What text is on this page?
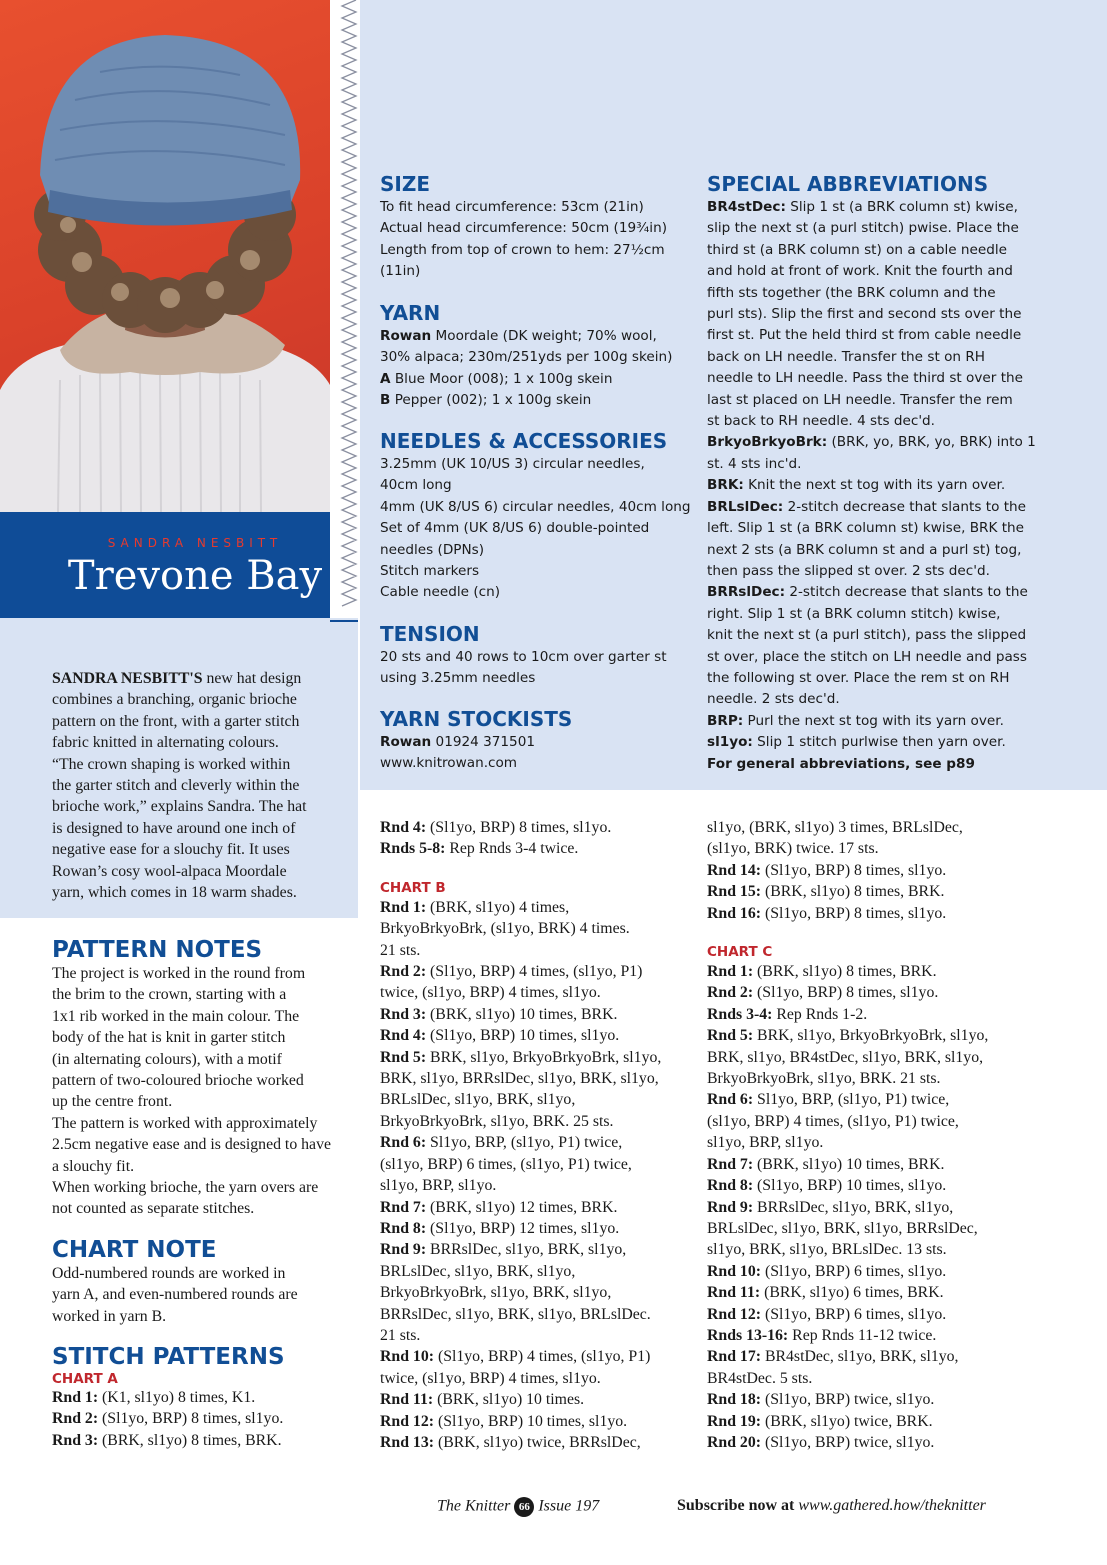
SANDRA NESBITT
Trevone Bay
SIZE
To fit head circumference: 53cm (21in)
Actual head circumference: 50cm (19¾in)
Length from top of crown to hem: 27½cm
(11in)
YARN
Rowan Moordale (DK weight; 70% wool,
30% alpaca; 230m/251yds per 100g skein)
A Blue Moor (008); 1 x 100g skein
B Pepper (002); 1 x 100g skein
NEEDLES & ACCESSORIES
3.25mm (UK 10/US 3) circular needles,
40cm long
4mm (UK 8/US 6) circular needles, 40cm long
Set of 4mm (UK 8/US 6) double-pointed
needles (DPNs)
Stitch markers
Cable needle (cn)
TENSION
20 sts and 40 rows to 10cm over garter st
using 3.25mm needles
YARN STOCKISTS
Rowan 01924 371501
www.knitrowan.com
SPECIAL ABBREVIATIONS
BR4stDec: Slip 1 st (a BRK column st) kwise,
slip the next st (a purl stitch) pwise. Place the
third st (a BRK column st) on a cable needle
and hold at front of work. Knit the fourth and
fifth sts together (the BRK column and the
purl sts). Slip the first and second sts over the
first st. Put the held third st from cable needle
back on LH needle. Transfer the st on RH
needle to LH needle. Pass the third st over the
last st placed on LH needle. Transfer the rem
st back to RH needle. 4 sts dec'd.
BrkyoBrkyoBrk: (BRK, yo, BRK, yo, BRK) into 1
st. 4 sts inc'd.
BRK: Knit the next st tog with its yarn over.
BRLslDec: 2-stitch decrease that slants to the
left. Slip 1 st (a BRK column st) kwise, BRK the
next 2 sts (a BRK column st and a purl st) tog,
then pass the slipped st over. 2 sts dec'd.
BRRslDec: 2-stitch decrease that slants to the
right. Slip 1 st (a BRK column stitch) kwise,
knit the next st (a purl stitch), pass the slipped
st over, place the stitch on LH needle and pass
the following st over. Place the rem st on RH
needle. 2 sts dec'd.
BRP: Purl the next st tog with its yarn over.
sl1yo: Slip 1 stitch purlwise then yarn over.
For general abbreviations, see p89
SANDRA NESBITT'S new hat design
combines a branching, organic brioche
pattern on the front, with a garter stitch
fabric knitted in alternating colours.
“The crown shaping is worked within
the garter stitch and cleverly within the
brioche work,” explains Sandra. The hat
is designed to have around one inch of
negative ease for a slouchy fit. It uses
Rowan’s cosy wool-alpaca Moordale
yarn, which comes in 18 warm shades.
PATTERN NOTES
The project is worked in the round from
the brim to the crown, starting with a
1x1 rib worked in the main colour. The
body of the hat is knit in garter stitch
(in alternating colours), with a motif
pattern of two-coloured brioche worked
up the centre front.
The pattern is worked with approximately
2.5cm negative ease and is designed to have
a slouchy fit.
When working brioche, the yarn overs are
not counted as separate stitches.
CHART NOTE
Odd-numbered rounds are worked in
yarn A, and even-numbered rounds are
worked in yarn B.
STITCH PATTERNS
CHART A
Rnd 1: (K1, sl1yo) 8 times, K1.
Rnd 2: (Sl1yo, BRP) 8 times, sl1yo.
Rnd 3: (BRK, sl1yo) 8 times, BRK.
Rnd 4: (Sl1yo, BRP) 8 times, sl1yo.
Rnds 5-8: Rep Rnds 3-4 twice.
CHART B
Rnd 1: (BRK, sl1yo) 4 times,
BrkyoBrkyoBrk, (sl1yo, BRK) 4 times.
21 sts.
Rnd 2: (Sl1yo, BRP) 4 times, (sl1yo, P1)
twice, (sl1yo, BRP) 4 times, sl1yo.
Rnd 3: (BRK, sl1yo) 10 times, BRK.
Rnd 4: (Sl1yo, BRP) 10 times, sl1yo.
Rnd 5: BRK, sl1yo, BrkyoBrkyoBrk, sl1yo,
BRK, sl1yo, BRRslDec, sl1yo, BRK, sl1yo,
BRLslDec, sl1yo, BRK, sl1yo,
BrkyoBrkyoBrk, sl1yo, BRK. 25 sts.
Rnd 6: Sl1yo, BRP, (sl1yo, P1) twice,
(sl1yo, BRP) 6 times, (sl1yo, P1) twice,
sl1yo, BRP, sl1yo.
Rnd 7: (BRK, sl1yo) 12 times, BRK.
Rnd 8: (Sl1yo, BRP) 12 times, sl1yo.
Rnd 9: BRRslDec, sl1yo, BRK, sl1yo,
BRLslDec, sl1yo, BRK, sl1yo,
BrkyoBrkyoBrk, sl1yo, BRK, sl1yo,
BRRslDec, sl1yo, BRK, sl1yo, BRLslDec.
21 sts.
Rnd 10: (Sl1yo, BRP) 4 times, (sl1yo, P1)
twice, (sl1yo, BRP) 4 times, sl1yo.
Rnd 11: (BRK, sl1yo) 10 times.
Rnd 12: (Sl1yo, BRP) 10 times, sl1yo.
Rnd 13: (BRK, sl1yo) twice, BRRslDec,
sl1yo, (BRK, sl1yo) 3 times, BRLslDec,
(sl1yo, BRK) twice. 17 sts.
Rnd 14: (Sl1yo, BRP) 8 times, sl1yo.
Rnd 15: (BRK, sl1yo) 8 times, BRK.
Rnd 16: (Sl1yo, BRP) 8 times, sl1yo.
CHART C
Rnd 1: (BRK, sl1yo) 8 times, BRK.
Rnd 2: (Sl1yo, BRP) 8 times, sl1yo.
Rnds 3-4: Rep Rnds 1-2.
Rnd 5: BRK, sl1yo, BrkyoBrkyoBrk, sl1yo,
BRK, sl1yo, BR4stDec, sl1yo, BRK, sl1yo,
BrkyoBrkyoBrk, sl1yo, BRK. 21 sts.
Rnd 6: Sl1yo, BRP, (sl1yo, P1) twice,
(sl1yo, BRP) 4 times, (sl1yo, P1) twice,
sl1yo, BRP, sl1yo.
Rnd 7: (BRK, sl1yo) 10 times, BRK.
Rnd 8: (Sl1yo, BRP) 10 times, sl1yo.
Rnd 9: BRRslDec, sl1yo, BRK, sl1yo,
BRLslDec, sl1yo, BRK, sl1yo, BRRslDec,
sl1yo, BRK, sl1yo, BRLslDec. 13 sts.
Rnd 10: (Sl1yo, BRP) 6 times, sl1yo.
Rnd 11: (BRK, sl1yo) 6 times, BRK.
Rnd 12: (Sl1yo, BRP) 6 times, sl1yo.
Rnds 13-16: Rep Rnds 11-12 twice.
Rnd 17: BR4stDec, sl1yo, BRK, sl1yo,
BR4stDec. 5 sts.
Rnd 18: (Sl1yo, BRP) twice, sl1yo.
Rnd 19: (BRK, sl1yo) twice, BRK.
Rnd 20: (Sl1yo, BRP) twice, sl1yo.
The Knitter 66 Issue 197	Subscribe now at www.gathered.how/theknitter
